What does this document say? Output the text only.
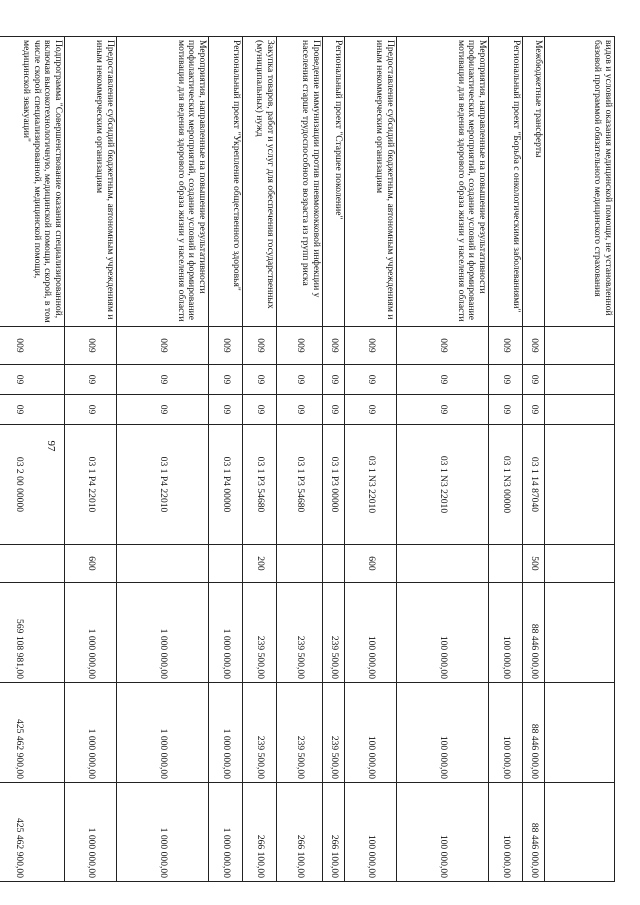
97
видов и условий оказания медицинской помощи, не установленной базовой программой обязательного медицинского страхования								
Межбюджетные трансферты	009	09	09	03 1 14 87040	500	88 446 000,00	88 446 000,00	88 446 000,00
Региональный проект "Борьба с онкологическими заболеваниями"	009	09	09	03 1 N3 00000		100 000,00	100 000,00	100 000,00
Мероприятия, направленные на повышение результативности профилактических мероприятий, создание условий и формирование мотивации для ведения здорового образа жизни у населения области	009	09	09	03 1 N3 22010		100 000,00	100 000,00	100 000,00
Предоставление субсидий бюджетным, автономным учреждениям и иным некоммерческим организациям	009	09	09	03 1 N3 22010	600	100 000,00	100 000,00	100 000,00
Региональный проект "Старшее поколение"	009	09	09	03 1 P3 00000		239 500,00	239 500,00	266 100,00
Проведение иммунизации против пневмококковой инфекции у населения старше трудоспособного возраста из групп риска	009	09	09	03 1 P3 54680		239 500,00	239 500,00	266 100,00
Закупка товаров, работ и услуг для обеспечения государственных (муниципальных) нужд	009	09	09	03 1 P3 54680	200	239 500,00	239 500,00	266 100,00
Региональный проект "Укрепление общественного здоровья"	009	09	09	03 1 P4 00000		1 000 000,00	1 000 000,00	1 000 000,00
Мероприятия, направленные на повышение результативности профилактических мероприятий, создание условий и формирование мотивации для ведения здорового образа жизни у населения области	009	09	09	03 1 P4 22010		1 000 000,00	1 000 000,00	1 000 000,00
Предоставление субсидий бюджетным, автономным учреждениям и иным некоммерческим организациям	009	09	09	03 1 P4 22010	600	1 000 000,00	1 000 000,00	1 000 000,00
Подпрограмма "Совершенствование оказания специализированной, включая высокотехнологичную, медицинской помощи, скорой, в том числе скорой специализированной, медицинской помощи, медицинской эвакуации"	009	09	09	03 2 00 00000		569 108 981,00	425 462 900,00	425 462 900,00
